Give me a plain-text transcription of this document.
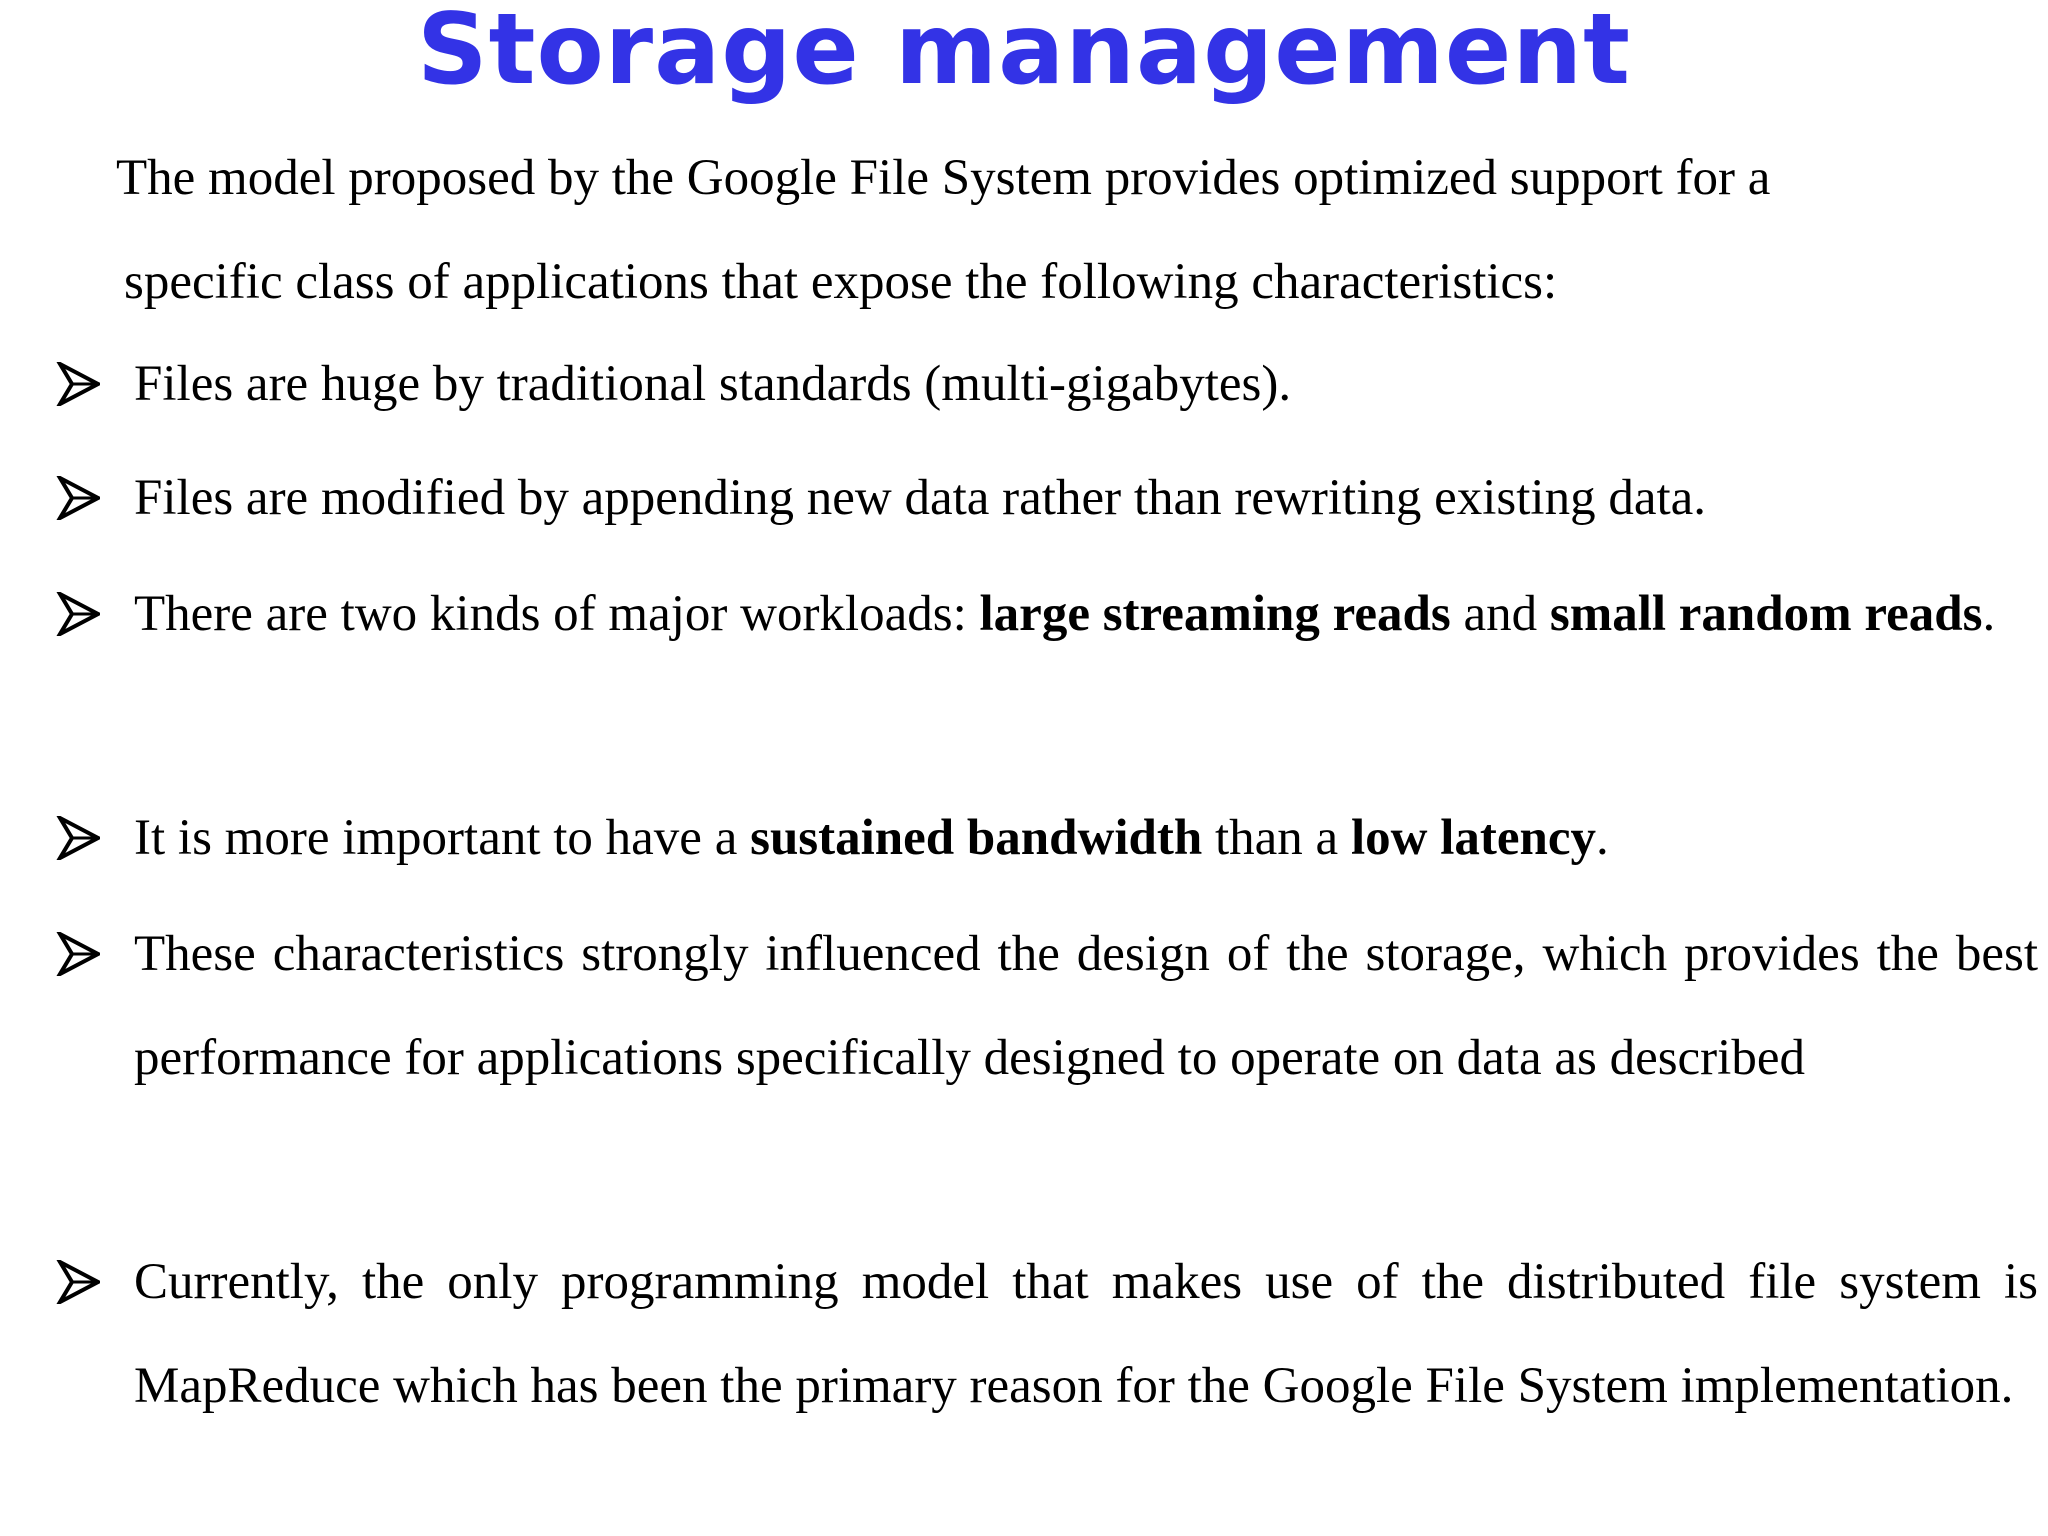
Storage management

The model proposed by the Google File System provides optimized support for a
specific class of applications that expose the following characteristics:

Files are huge by traditional standards (multi-gigabytes).

Files are modified by appending new data rather than rewriting existing data.

There are two kinds of major workloads: large streaming reads and small random reads.

It is more important to have a sustained bandwidth than a low latency.

These characteristics strongly influenced the design of the storage, which provides the best performance for applications specifically designed to operate on data as described

Currently, the only programming model that makes use of the distributed file system is MapReduce which has been the primary reason for the Google File System implementation.
